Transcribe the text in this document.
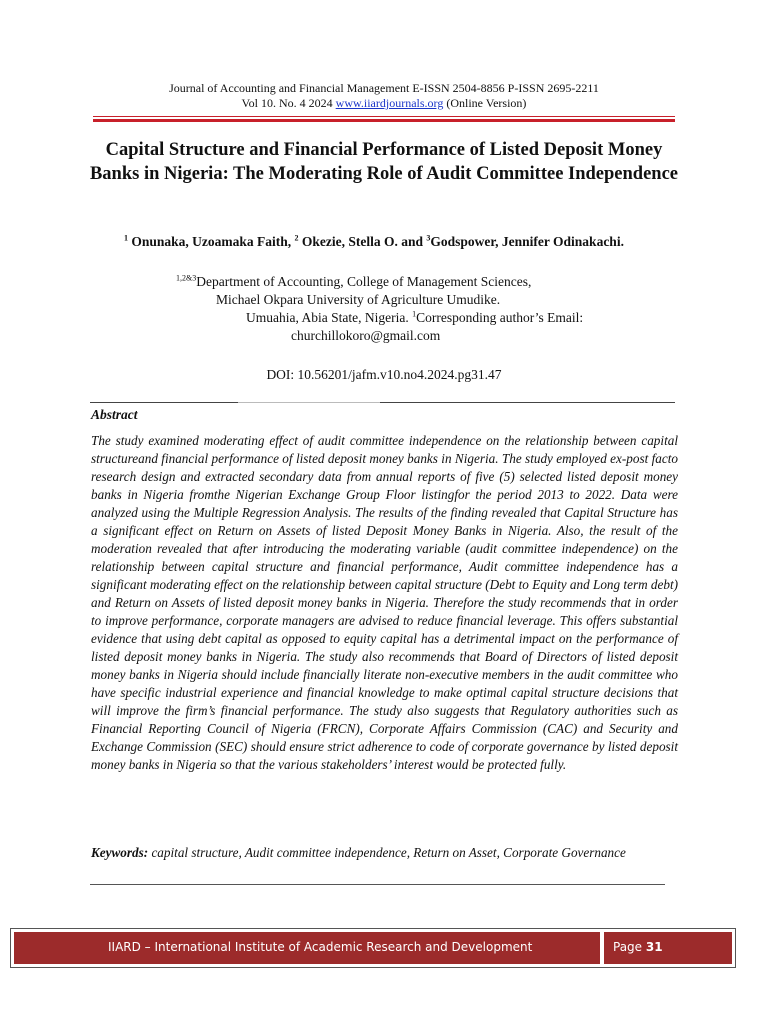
Journal of Accounting and Financial Management E-ISSN 2504-8856 P-ISSN 2695-2211
Vol 10. No. 4 2024 www.iiardjournals.org (Online Version)
Capital Structure and Financial Performance of Listed Deposit Money Banks in Nigeria: The Moderating Role of Audit Committee Independence
$^1$ Onunaka, Uzoamaka Faith, $^2$ Okezie, Stella O. and $^3$Godspower, Jennifer Odinakachi.
$^{1,2\&3}$Department of Accounting, College of Management Sciences,
Michael Okpara University of Agriculture Umudike.
Umuahia, Abia State, Nigeria. $^1$Corresponding author’s Email:
churchillokoro@gmail.com
DOI: 10.56201/jafm.v10.no4.2024.pg31.47
Abstract
The study examined moderating effect of audit committee independence on the relationship between capital structureand financial performance of listed deposit money banks in Nigeria. The study employed ex-post facto research design and extracted secondary data from annual reports of five (5) selected listed deposit money banks in Nigeria fromthe Nigerian Exchange Group Floor listingfor the period 2013 to 2022. Data were analyzed using the Multiple Regression Analysis. The results of the finding revealed that Capital Structure has a significant effect on Return on Assets of listed Deposit Money Banks in Nigeria. Also, the result of the moderation revealed that after introducing the moderating variable (audit committee independence) on the relationship between capital structure and financial performance, Audit committee independence has a significant moderating effect on the relationship between capital structure (Debt to Equity and Long term debt) and Return on Assets of listed deposit money banks in Nigeria. Therefore the study recommends that in order to improve performance, corporate managers are advised to reduce financial leverage. This offers substantial evidence that using debt capital as opposed to equity capital has a detrimental impact on the performance of listed deposit money banks in Nigeria. The study also recommends that Board of Directors of listed deposit money banks in Nigeria should include financially literate non-executive members in the audit committee who have specific industrial experience and financial knowledge to make optimal capital structure decisions that will improve the firm’s financial performance. The study also suggests that Regulatory authorities such as Financial Reporting Council of Nigeria (FRCN), Corporate Affairs Commission (CAC) and Security and Exchange Commission (SEC) should ensure strict adherence to code of corporate governance by listed deposit money banks in Nigeria so that the various stakeholders’ interest would be protected fully.
Keywords: capital structure, Audit committee independence, Return on Asset, Corporate Governance
IIARD – International Institute of Academic Research and Development	Page 31
